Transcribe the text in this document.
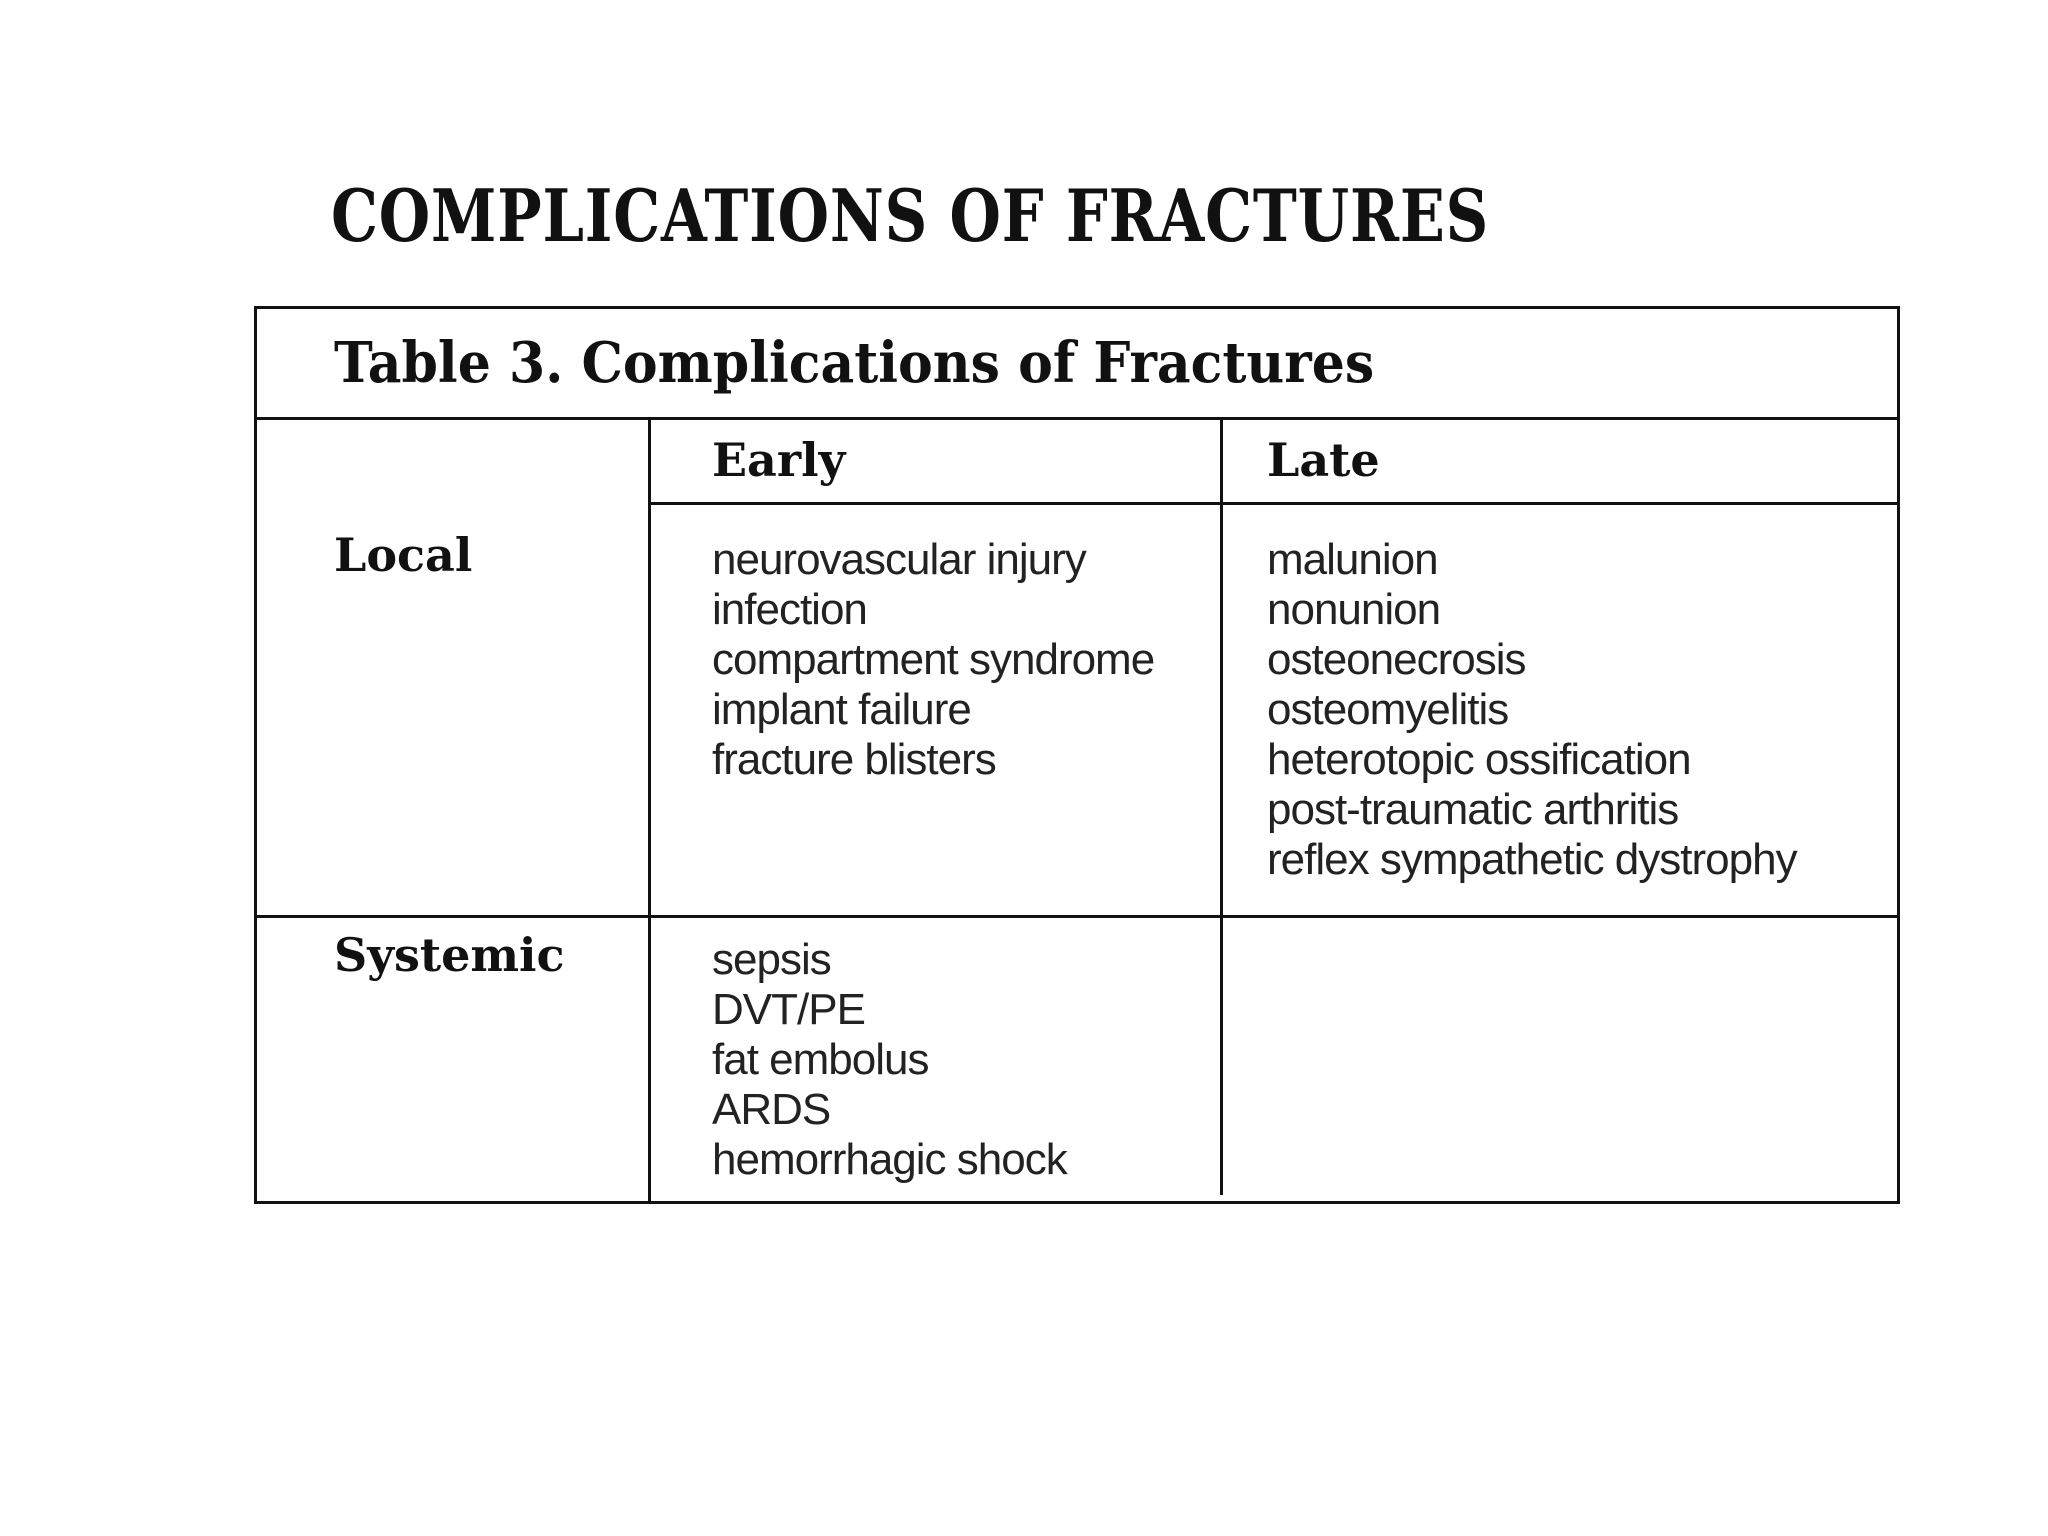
COMPLICATIONS OF FRACTURES
Table 3. Complications of Fractures
Early	Late
Local
Systemic
neurovascular injury
infection
compartment syndrome
implant failure
fracture blisters
malunion
nonunion
osteonecrosis
osteomyelitis
heterotopic ossification
post-traumatic arthritis
reflex sympathetic dystrophy
sepsis
DVT/PE
fat embolus
ARDS
hemorrhagic shock
